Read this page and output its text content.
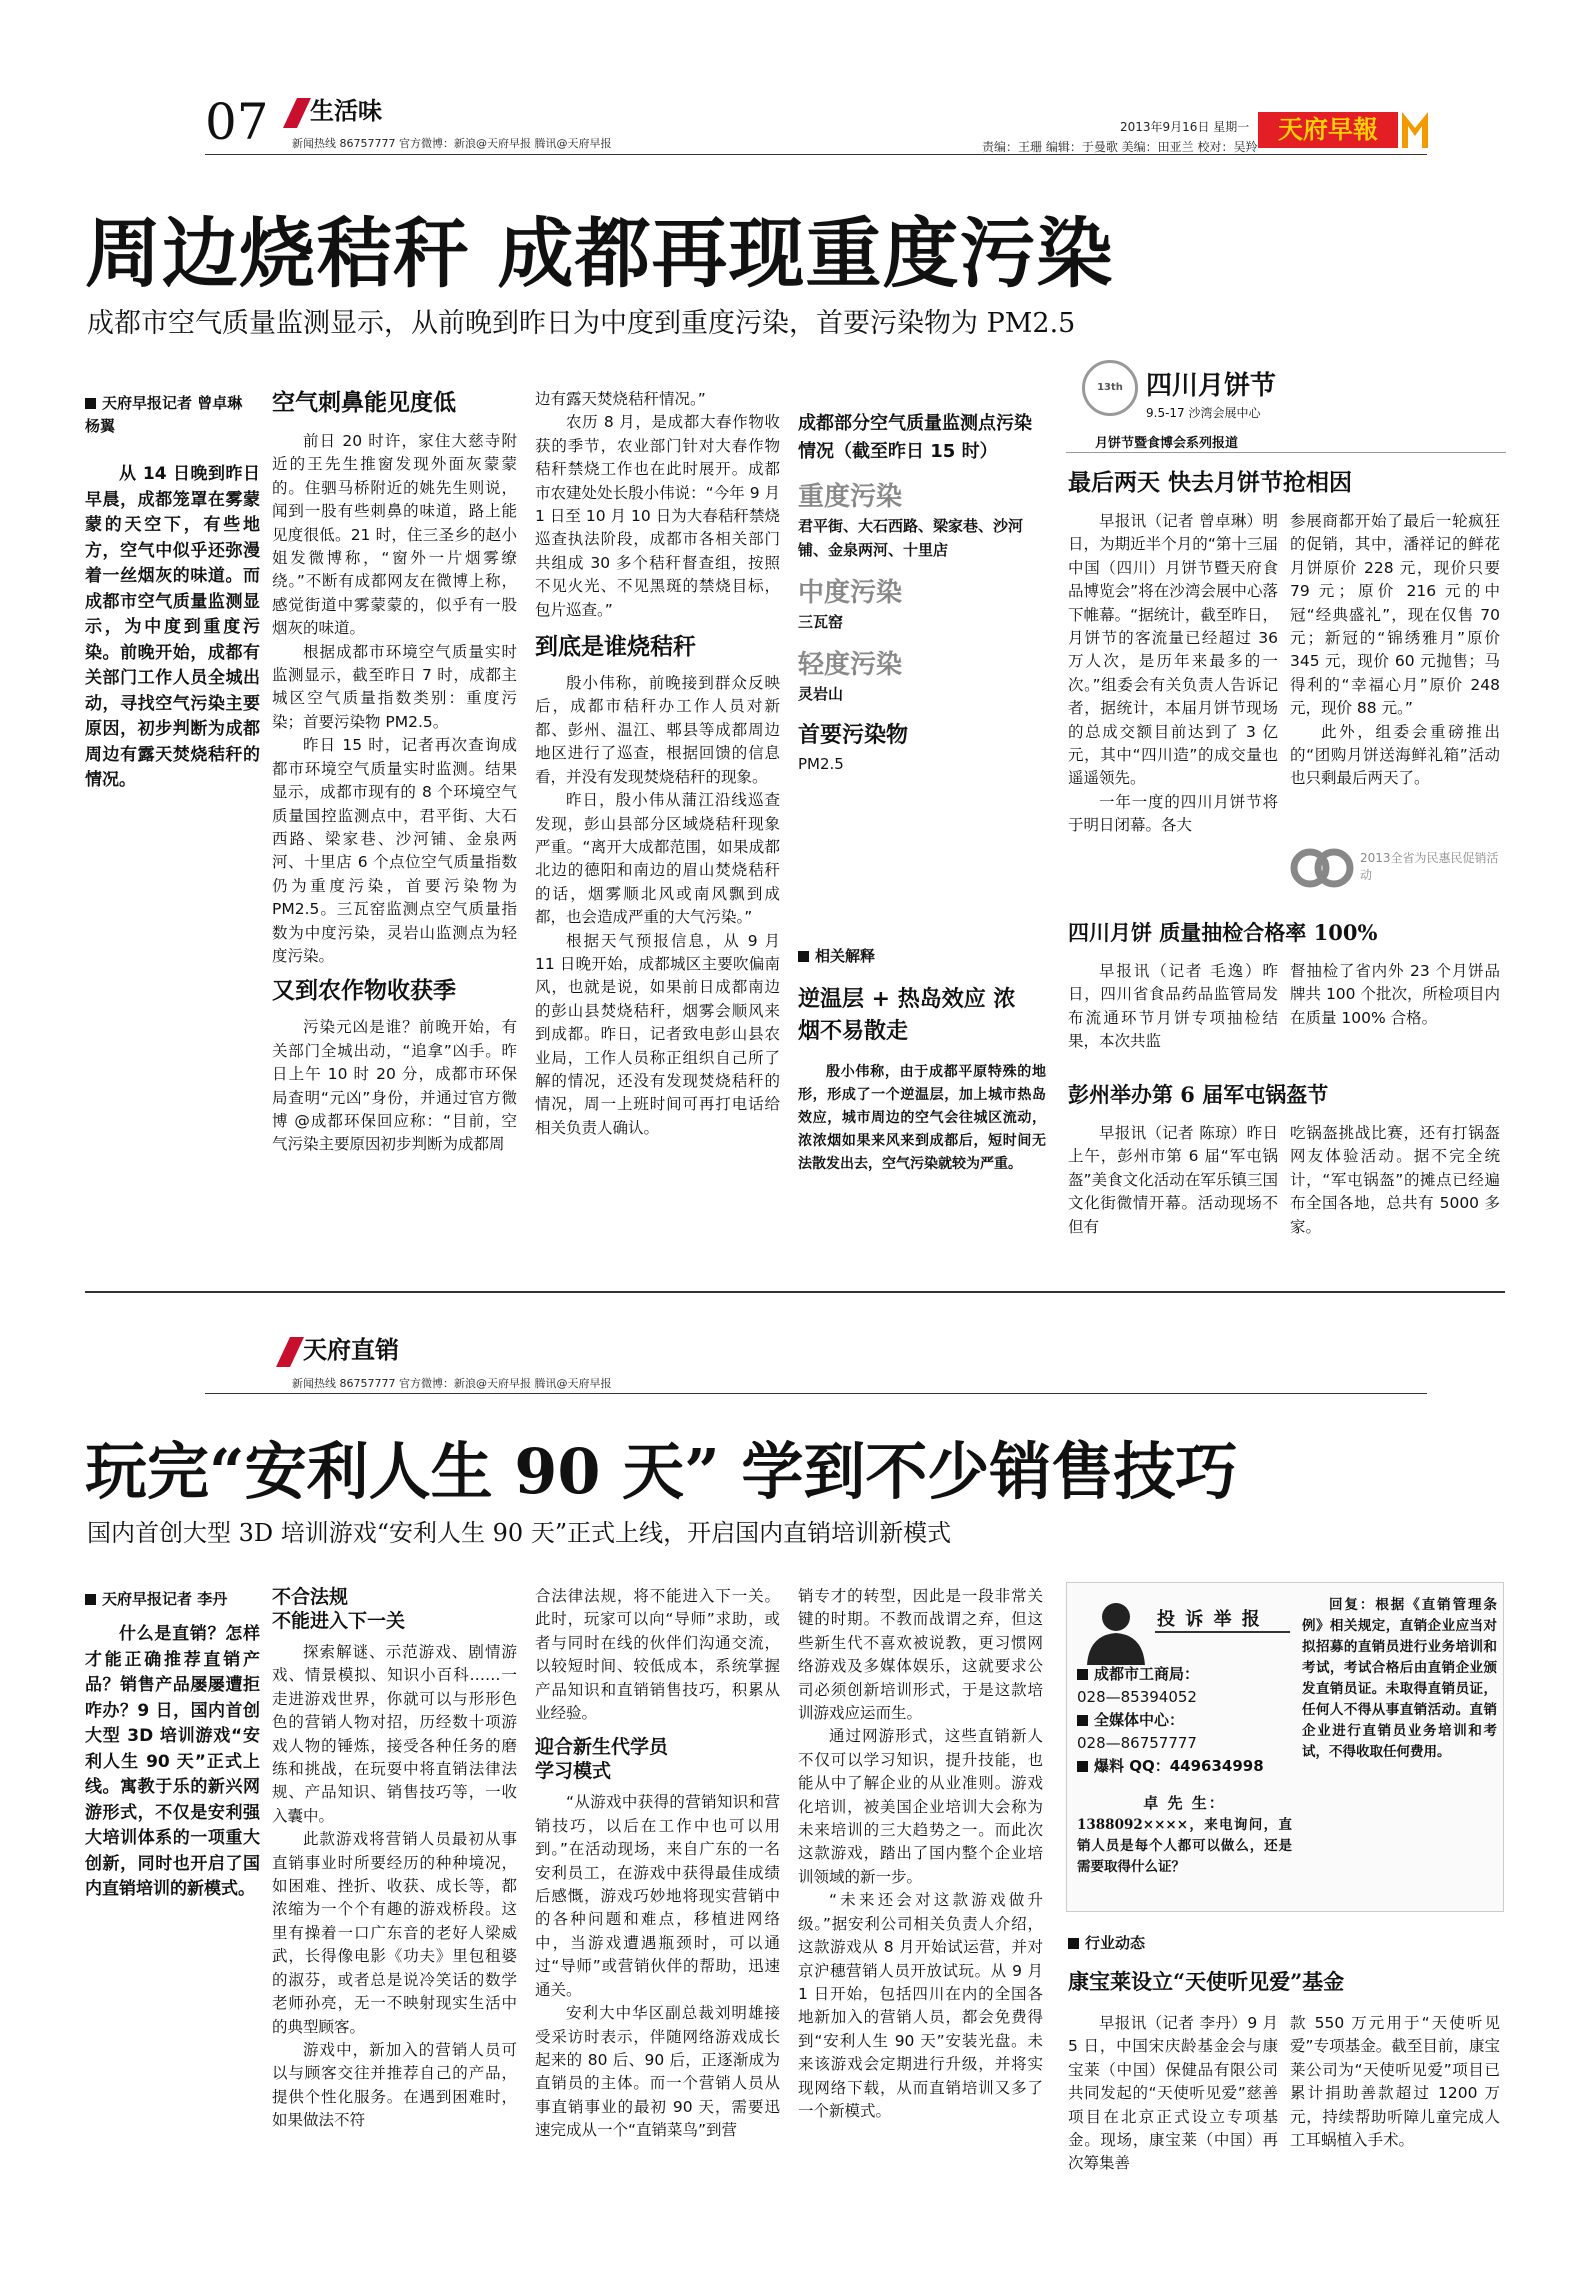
07 生活味
新闻热线 86757777 官方微博：新浪@天府早报 腾讯@天府早报
2013年9月16日 星期一
责编：王珊 编辑：于曼歌 美编：田亚兰 校对：吴羚
天府早報
周边烧秸秆 成都再现重度污染
成都市空气质量监测显示，从前晚到昨日为中度到重度污染，首要污染物为 PM2.5
天府早报记者 曾卓琳 杨翼

从 14 日晚到昨日早晨，成都笼罩在雾蒙蒙的天空下，有些地方，空气中似乎还弥漫着一丝烟灰的味道。而成都市空气质量监测显示，为中度到重度污染。前晚开始，成都有关部门工作人员全城出动，寻找空气污染主要原因，初步判断为成都周边有露天焚烧秸秆的情况。

空气刺鼻能见度低

前日 20 时许，家住大慈寺附近的王先生推窗发现外面灰蒙蒙的。住驷马桥附近的姚先生则说，闻到一股有些刺鼻的味道，路上能见度很低。21 时，住三圣乡的赵小姐发微博称，“窗外一片烟雾缭绕。”不断有成都网友在微博上称，感觉街道中雾蒙蒙的，似乎有一股烟灰的味道。

根据成都市环境空气质量实时监测显示，截至昨日 7 时，成都主城区空气质量指数类别：重度污染；首要污染物 PM2.5。

昨日 15 时，记者再次查询成都市环境空气质量实时监测。结果显示，成都市现有的 8 个环境空气质量国控监测点中，君平街、大石西路、梁家巷、沙河铺、金泉两河、十里店 6 个点位空气质量指数仍为重度污染，首要污染物为 PM2.5。三瓦窑监测点空气质量指数为中度污染，灵岩山监测点为轻度污染。

又到农作物收获季

污染元凶是谁？前晚开始，有关部门全城出动，“追拿”凶手。昨日上午 10 时 20 分，成都市环保局查明“元凶”身份，并通过官方微博 @成都环保回应称：“目前，空气污染主要原因初步判断为成都周

边有露天焚烧秸秆情况。”

农历 8 月，是成都大春作物收获的季节，农业部门针对大春作物秸秆禁烧工作也在此时展开。成都市农建处处长殷小伟说：“今年 9 月 1 日至 10 月 10 日为大春秸秆禁烧巡查执法阶段，成都市各相关部门共组成 30 多个秸秆督查组，按照不见火光、不见黑斑的禁烧目标，包片巡查。”

到底是谁烧秸秆

殷小伟称，前晚接到群众反映后，成都市秸秆办工作人员对新都、彭州、温江、郫县等成都周边地区进行了巡查，根据回馈的信息看，并没有发现焚烧秸秆的现象。

昨日，殷小伟从蒲江沿线巡查发现，彭山县部分区域烧秸秆现象严重。“离开大成都范围，如果成都北边的德阳和南边的眉山焚烧秸秆的话，烟雾顺北风或南风飘到成都，也会造成严重的大气污染。”

根据天气预报信息，从 9 月 11 日晚开始，成都城区主要吹偏南风，也就是说，如果前日成都南边的彭山县焚烧秸秆，烟雾会顺风来到成都。昨日，记者致电彭山县农业局，工作人员称正组织自己所了解的情况，还没有发现焚烧秸秆的情况，周一上班时间可再打电话给相关负责人确认。

成都部分空气质量监测点污染情况（截至昨日 15 时）
重度污染
君平街、大石西路、梁家巷、沙河铺、金泉两河、十里店
中度污染
三瓦窑
轻度污染
灵岩山
首要污染物
PM2.5
相关解释
逆温层 + 热岛效应 浓烟不易散走

殷小伟称，由于成都平原特殊的地形，形成了一个逆温层，加上城市热岛效应，城市周边的空气会往城区流动，浓浓烟如果来风来到成都后，短时间无法散发出去，空气污染就较为严重。

13th 四川月饼节
9.5-17 沙湾会展中心
月饼节暨食博会系列报道
最后两天 快去月饼节抢相因

早报讯（记者 曾卓琳）明日，为期近半个月的“第十三届中国（四川）月饼节暨天府食品博览会”将在沙湾会展中心落下帷幕。“据统计，截至昨日，月饼节的客流量已经超过 36 万人次，是历年来最多的一次。”组委会有关负责人告诉记者，据统计，本届月饼节现场的总成交额目前达到了 3 亿元，其中“四川造”的成交量也遥遥领先。

一年一度的四川月饼节将于明日闭幕。各大

参展商都开始了最后一轮疯狂的促销，其中，潘祥记的鲜花月饼原价 228 元，现价只要 79 元；原价 216 元的中冠“经典盛礼”，现在仅售 70 元；新冠的“锦绣雅月”原价 345 元，现价 60 元抛售；马得利的“幸福心月”原价 248 元，现价 88 元。”

此外，组委会重磅推出的“团购月饼送海鲜礼箱”活动也只剩最后两天了。

2013全省为民惠民促销活动
四川月饼 质量抽检合格率 100%

早报讯（记者 毛逸）昨日，四川省食品药品监管局发布流通环节月饼专项抽检结果，本次共监

督抽检了省内外 23 个月饼品牌共 100 个批次，所检项目内在质量 100% 合格。

彭州举办第 6 届军屯锅盔节

早报讯（记者 陈琼）昨日上午，彭州市第 6 届“军屯锅盔”美食文化活动在军乐镇三国文化街微情开幕。活动现场不但有

吃锅盔挑战比赛，还有打锅盔网友体验活动。据不完全统计，“军屯锅盔”的摊点已经遍布全国各地，总共有 5000 多家。

天府直销
新闻热线 86757777 官方微博：新浪@天府早报 腾讯@天府早报
玩完“安利人生 90 天” 学到不少销售技巧
国内首创大型 3D 培训游戏“安利人生 90 天”正式上线，开启国内直销培训新模式
天府早报记者 李丹

什么是直销？怎样才能正确推荐直销产品？销售产品屡屡遭拒咋办？9 日，国内首创大型 3D 培训游戏“安利人生 90 天”正式上线。寓教于乐的新兴网游形式，不仅是安利强大培训体系的一项重大创新，同时也开启了国内直销培训的新模式。

不合法规
不能进入下一关

探索解谜、示范游戏、剧情游戏、情景模拟、知识小百科……一走进游戏世界，你就可以与形形色色的营销人物对招，历经数十项游戏人物的锤炼，接受各种任务的磨练和挑战，在玩耍中将直销法律法规、产品知识、销售技巧等，一收入囊中。

此款游戏将营销人员最初从事直销事业时所要经历的种种境况，如困难、挫折、收获、成长等，都浓缩为一个个有趣的游戏桥段。这里有操着一口广东音的老好人梁威武，长得像电影《功夫》里包租婆的淑芬，或者总是说冷笑话的数学老师孙亮，无一不映射现实生活中的典型顾客。

游戏中，新加入的营销人员可以与顾客交往并推荐自己的产品，提供个性化服务。在遇到困难时，如果做法不符

合法律法规，将不能进入下一关。此时，玩家可以向“导师”求助，或者与同时在线的伙伴们沟通交流，以较短时间、较低成本，系统掌握产品知识和直销销售技巧，积累从业经验。

迎合新生代学员
学习模式

“从游戏中获得的营销知识和营销技巧，以后在工作中也可以用到。”在活动现场，来自广东的一名安利员工，在游戏中获得最佳成绩后感慨，游戏巧妙地将现实营销中的各种问题和难点，移植进网络中，当游戏遭遇瓶颈时，可以通过“导师”或营销伙伴的帮助，迅速通关。

安利大中华区副总裁刘明雄接受采访时表示，伴随网络游戏成长起来的 80 后、90 后，正逐渐成为直销员的主体。而一个营销人员从事直销事业的最初 90 天，需要迅速完成从一个“直销菜鸟”到营

销专才的转型，因此是一段非常关键的时期。不教而战谓之弃，但这些新生代不喜欢被说教，更习惯网络游戏及多媒体娱乐，这就要求公司必须创新培训形式，于是这款培训游戏应运而生。

通过网游形式，这些直销新人不仅可以学习知识，提升技能，也能从中了解企业的从业准则。游戏化培训，被美国企业培训大会称为未来培训的三大趋势之一。而此次这款游戏，踏出了国内整个企业培训领域的新一步。

“未来还会对这款游戏做升级。”据安利公司相关负责人介绍，这款游戏从 8 月开始试运营，并对京沪穗营销人员开放试玩。从 9 月 1 日开始，包括四川在内的全国各地新加入的营销人员，都会免费得到“安利人生 90 天”安装光盘。未来该游戏会定期进行升级，并将实现网络下载，从而直销培训又多了一个新模式。

投 诉 举 报
成都市工商局：
028—85394052
全媒体中心：
028—86757777
爆料 QQ：449634998
卓 先 生：

1388092××××，来电询问，直销人员是每个人都可以做么，还是需要取得什么证？

回复：根据《直销管理条例》相关规定，直销企业应当对拟招募的直销员进行业务培训和考试，考试合格后由直销企业颁发直销员证。未取得直销员证，任何人不得从事直销活动。直销企业进行直销员业务培训和考试，不得收取任何费用。

行业动态
康宝莱设立“天使听见爱”基金

早报讯（记者 李丹）9 月 5 日，中国宋庆龄基金会与康宝莱（中国）保健品有限公司共同发起的“天使听见爱”慈善项目在北京正式设立专项基金。现场，康宝莱（中国）再次筹集善

款 550 万元用于“天使听见爱”专项基金。截至目前，康宝莱公司为“天使听见爱”项目已累计捐助善款超过 1200 万元，持续帮助听障儿童完成人工耳蜗植入手术。
